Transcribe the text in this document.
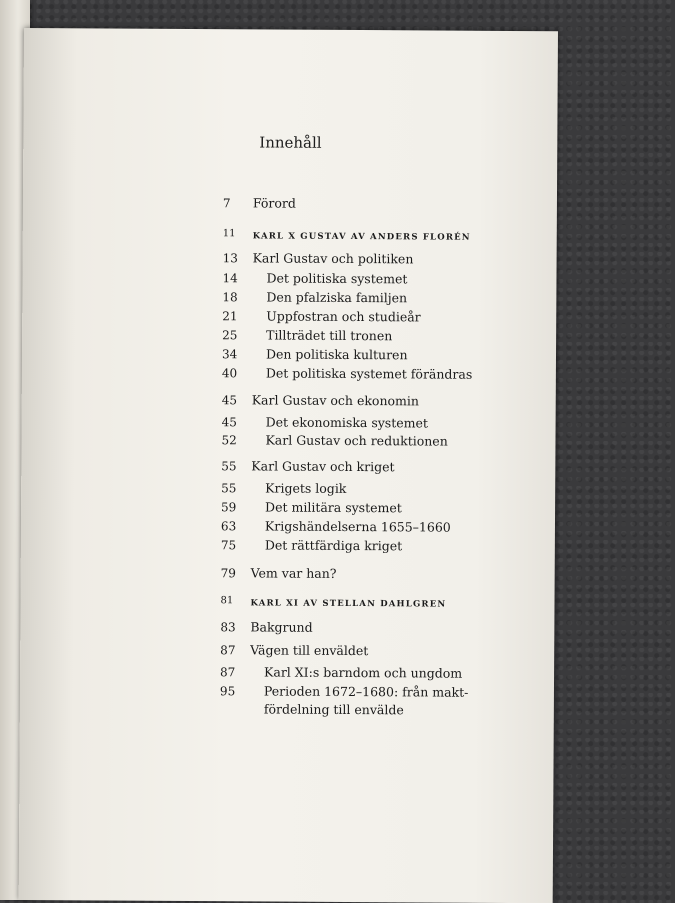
Innehåll
7	Förord
11	KARL X GUSTAV AV ANDERS FLORÉN
13	Karl Gustav och politiken
14	Det politiska systemet
18	Den pfalziska familjen
21	Uppfostran och studieår
25	Tillträdet till tronen
34	Den politiska kulturen
40	Det politiska systemet förändras
45	Karl Gustav och ekonomin
45	Det ekonomiska systemet
52	Karl Gustav och reduktionen
55	Karl Gustav och kriget
55	Krigets logik
59	Det militära systemet
63	Krigshändelserna 1655–1660
75	Det rättfärdiga kriget
79	Vem var han?
81	KARL XI AV STELLAN DAHLGREN
83	Bakgrund
87	Vägen till enväldet
87	Karl XI:s barndom och ungdom
95	Perioden 1672–1680: från makt-
fördelning till envälde
